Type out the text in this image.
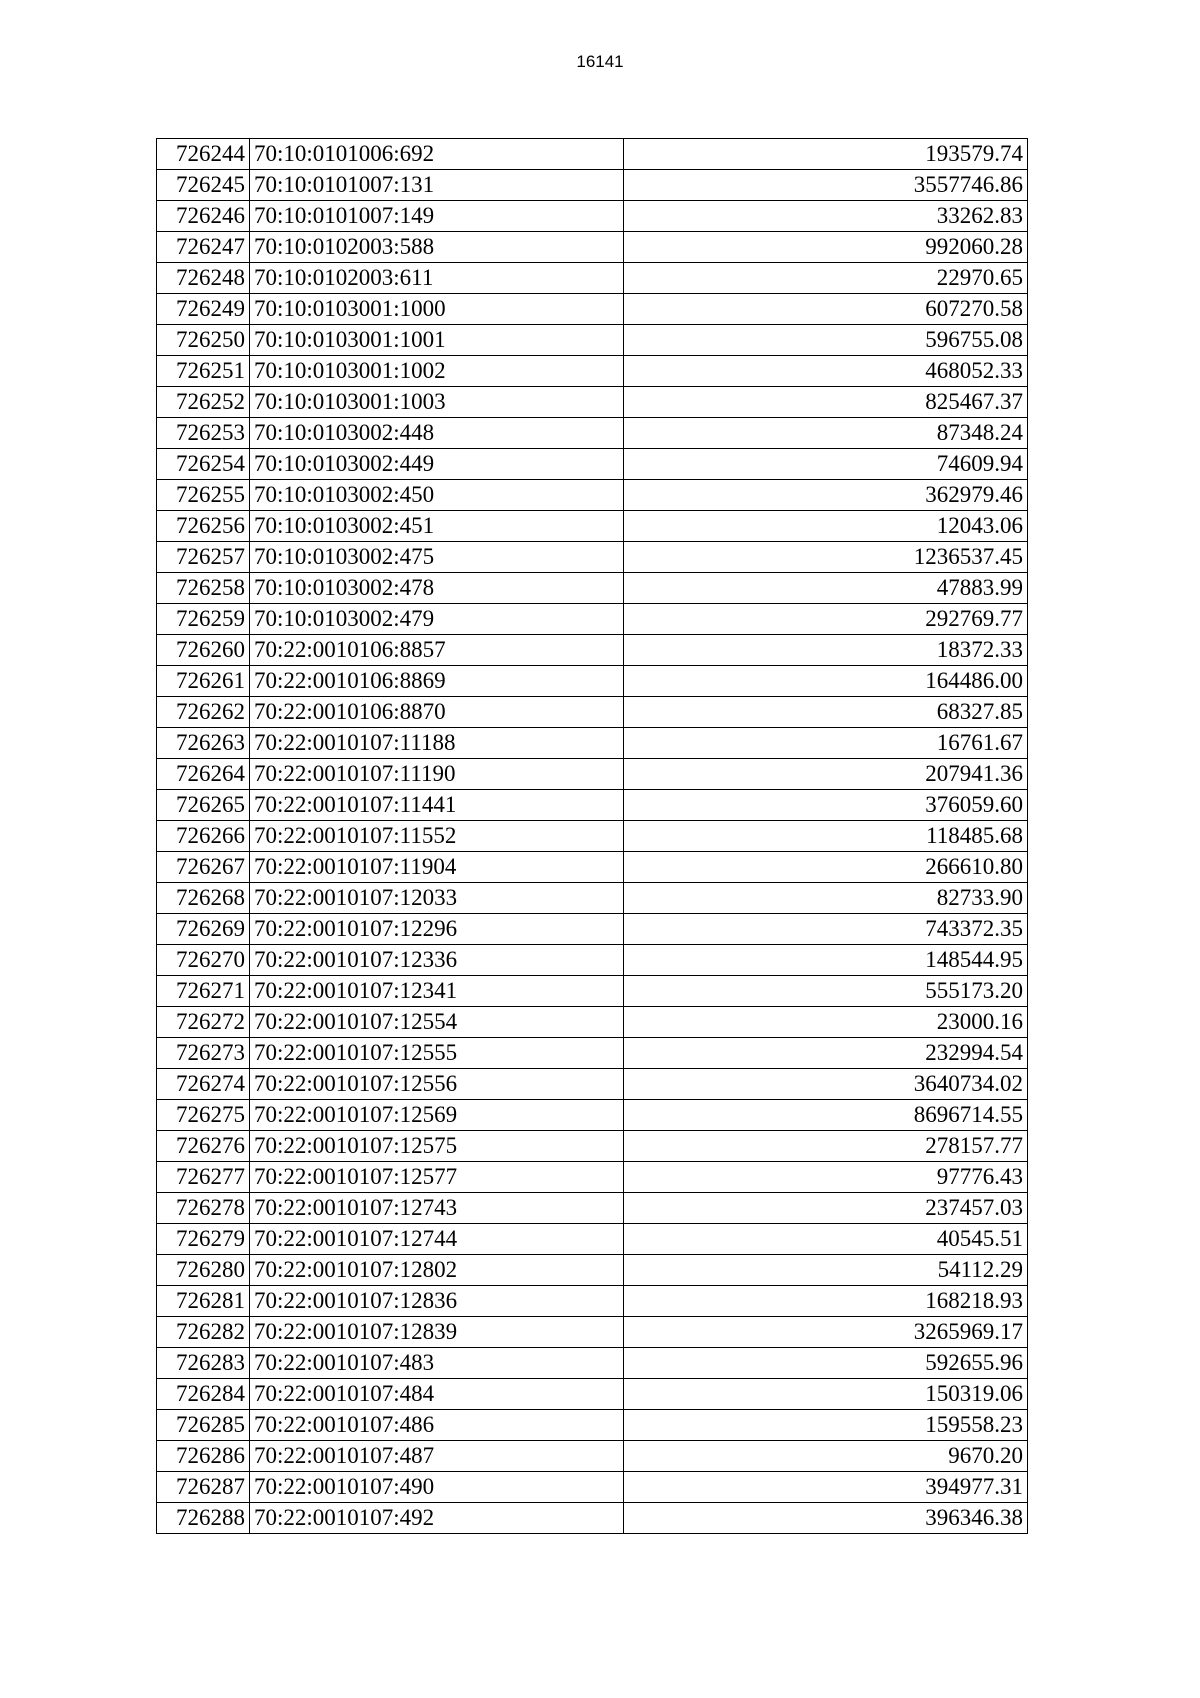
16141
726244	70:10:0101006:692	193579.74
726245	70:10:0101007:131	3557746.86
726246	70:10:0101007:149	33262.83
726247	70:10:0102003:588	992060.28
726248	70:10:0102003:611	22970.65
726249	70:10:0103001:1000	607270.58
726250	70:10:0103001:1001	596755.08
726251	70:10:0103001:1002	468052.33
726252	70:10:0103001:1003	825467.37
726253	70:10:0103002:448	87348.24
726254	70:10:0103002:449	74609.94
726255	70:10:0103002:450	362979.46
726256	70:10:0103002:451	12043.06
726257	70:10:0103002:475	1236537.45
726258	70:10:0103002:478	47883.99
726259	70:10:0103002:479	292769.77
726260	70:22:0010106:8857	18372.33
726261	70:22:0010106:8869	164486.00
726262	70:22:0010106:8870	68327.85
726263	70:22:0010107:11188	16761.67
726264	70:22:0010107:11190	207941.36
726265	70:22:0010107:11441	376059.60
726266	70:22:0010107:11552	118485.68
726267	70:22:0010107:11904	266610.80
726268	70:22:0010107:12033	82733.90
726269	70:22:0010107:12296	743372.35
726270	70:22:0010107:12336	148544.95
726271	70:22:0010107:12341	555173.20
726272	70:22:0010107:12554	23000.16
726273	70:22:0010107:12555	232994.54
726274	70:22:0010107:12556	3640734.02
726275	70:22:0010107:12569	8696714.55
726276	70:22:0010107:12575	278157.77
726277	70:22:0010107:12577	97776.43
726278	70:22:0010107:12743	237457.03
726279	70:22:0010107:12744	40545.51
726280	70:22:0010107:12802	54112.29
726281	70:22:0010107:12836	168218.93
726282	70:22:0010107:12839	3265969.17
726283	70:22:0010107:483	592655.96
726284	70:22:0010107:484	150319.06
726285	70:22:0010107:486	159558.23
726286	70:22:0010107:487	9670.20
726287	70:22:0010107:490	394977.31
726288	70:22:0010107:492	396346.38
